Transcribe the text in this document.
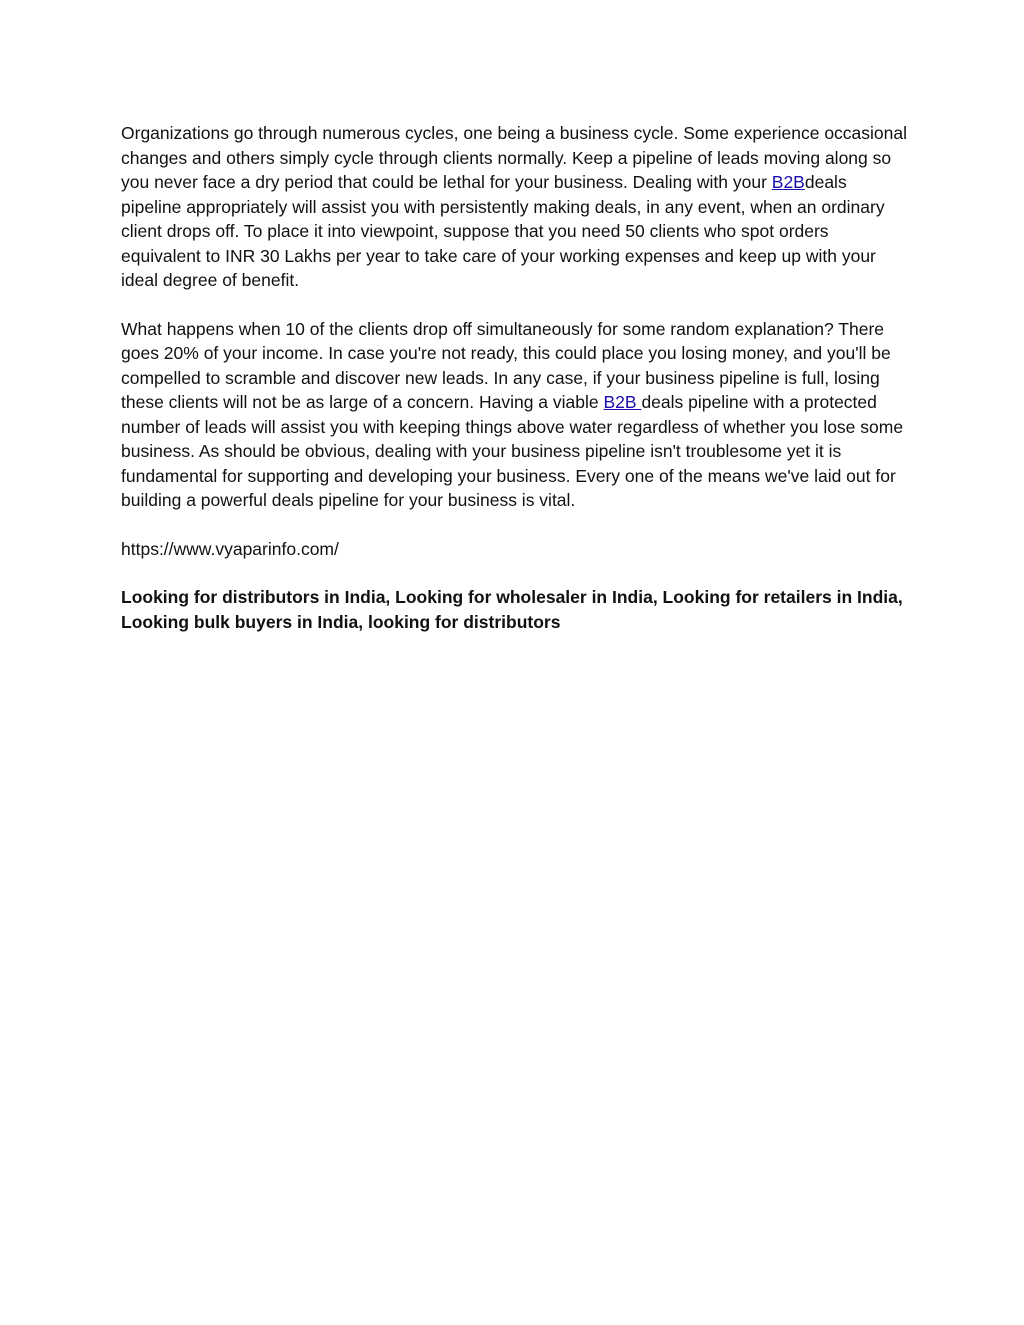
Organizations go through numerous cycles, one being a business cycle. Some experience occasional changes and others simply cycle through clients normally. Keep a pipeline of leads moving along so you never face a dry period that could be lethal for your business. Dealing with your B2Bdeals pipeline appropriately will assist you with persistently making deals, in any event, when an ordinary client drops off. To place it into viewpoint, suppose that you need 50 clients who spot orders equivalent to INR 30 Lakhs per year to take care of your working expenses and keep up with your ideal degree of benefit.

What happens when 10 of the clients drop off simultaneously for some random explanation? There goes 20% of your income. In case you're not ready, this could place you losing money, and you'll be compelled to scramble and discover new leads. In any case, if your business pipeline is full, losing these clients will not be as large of a concern. Having a viable B2B deals pipeline with a protected number of leads will assist you with keeping things above water regardless of whether you lose some business. As should be obvious, dealing with your business pipeline isn't troublesome yet it is fundamental for supporting and developing your business. Every one of the means we've laid out for building a powerful deals pipeline for your business is vital.

https://www.vyaparinfo.com/

Looking for distributors in India, Looking for wholesaler in India, Looking for retailers in India, Looking bulk buyers in India, looking for distributors
